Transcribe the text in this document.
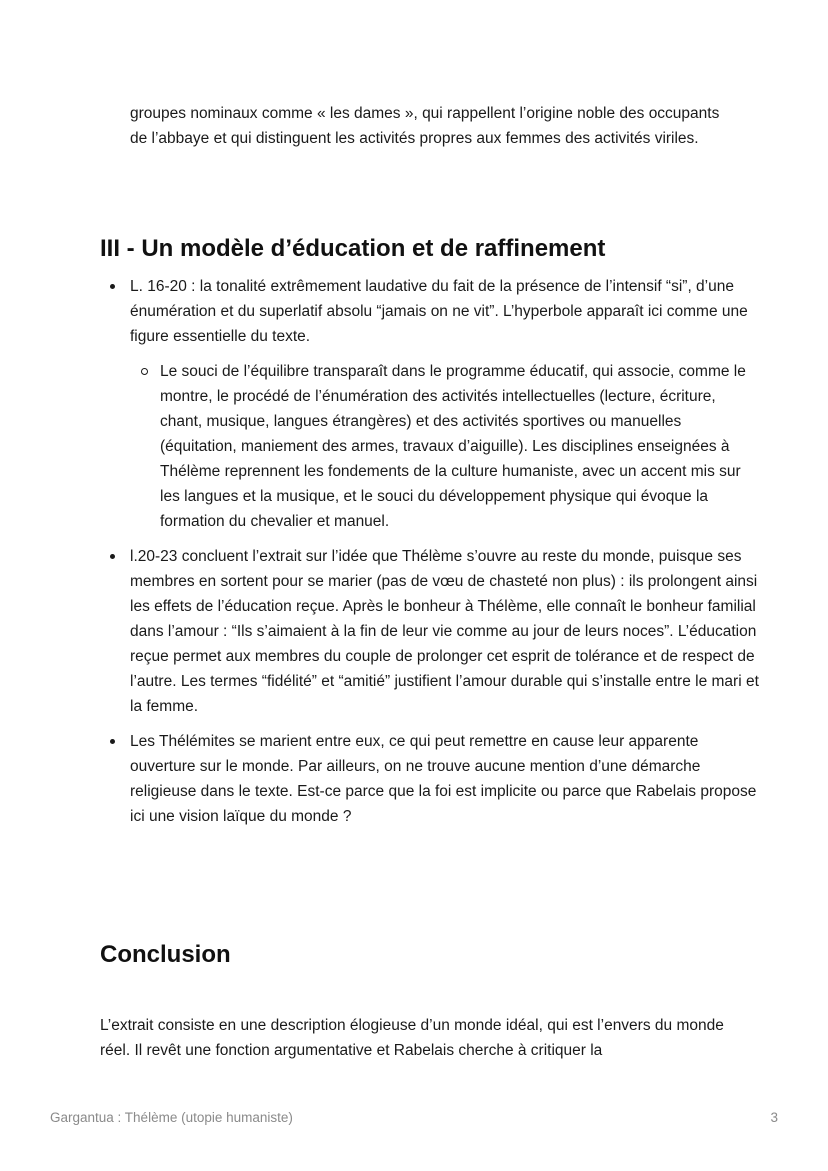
groupes nominaux comme « les dames », qui rappellent l’origine noble des occupants de l’abbaye et qui distinguent les activités propres aux femmes des activités viriles.

III - Un modèle d’éducation et de raffinement
L. 16-20 : la tonalité extrêmement laudative du fait de la présence de l’intensif “si”, d’une énumération et du superlatif absolu “jamais on ne vit”. L’hyperbole apparaît ici comme une figure essentielle du texte.
Le souci de l’équilibre transparaît dans le programme éducatif, qui associe, comme le montre, le procédé de l’énumération des activités intellectuelles (lecture, écriture, chant, musique, langues étrangères) et des activités sportives ou manuelles (équitation, maniement des armes, travaux d’aiguille). Les disciplines enseignées à Thélème reprennent les fondements de la culture humaniste, avec un accent mis sur les langues et la musique, et le souci du développement physique qui évoque la formation du chevalier et manuel.
l.20-23 concluent l’extrait sur l’idée que Thélème s’ouvre au reste du monde, puisque ses membres en sortent pour se marier (pas de vœu de chasteté non plus) : ils prolongent ainsi les effets de l’éducation reçue. Après le bonheur à Thélème, elle connaît le bonheur familial dans l’amour : “Ils s’aimaient à la fin de leur vie comme au jour de leurs noces”. L’éducation reçue permet aux membres du couple de prolonger cet esprit de tolérance et de respect de l’autre. Les termes “fidélité” et “amitié” justifient l’amour durable qui s’installe entre le mari et la femme.
Les Thélémites se marient entre eux, ce qui peut remettre en cause leur apparente ouverture sur le monde. Par ailleurs, on ne trouve aucune mention d’une démarche religieuse dans le texte. Est-ce parce que la foi est implicite ou parce que Rabelais propose ici une vision laïque du monde ?
Conclusion

L’extrait consiste en une description élogieuse d’un monde idéal, qui est l’envers du monde réel. Il revêt une fonction argumentative et Rabelais cherche à critiquer la

Gargantua : Thélème (utopie humaniste)	3
